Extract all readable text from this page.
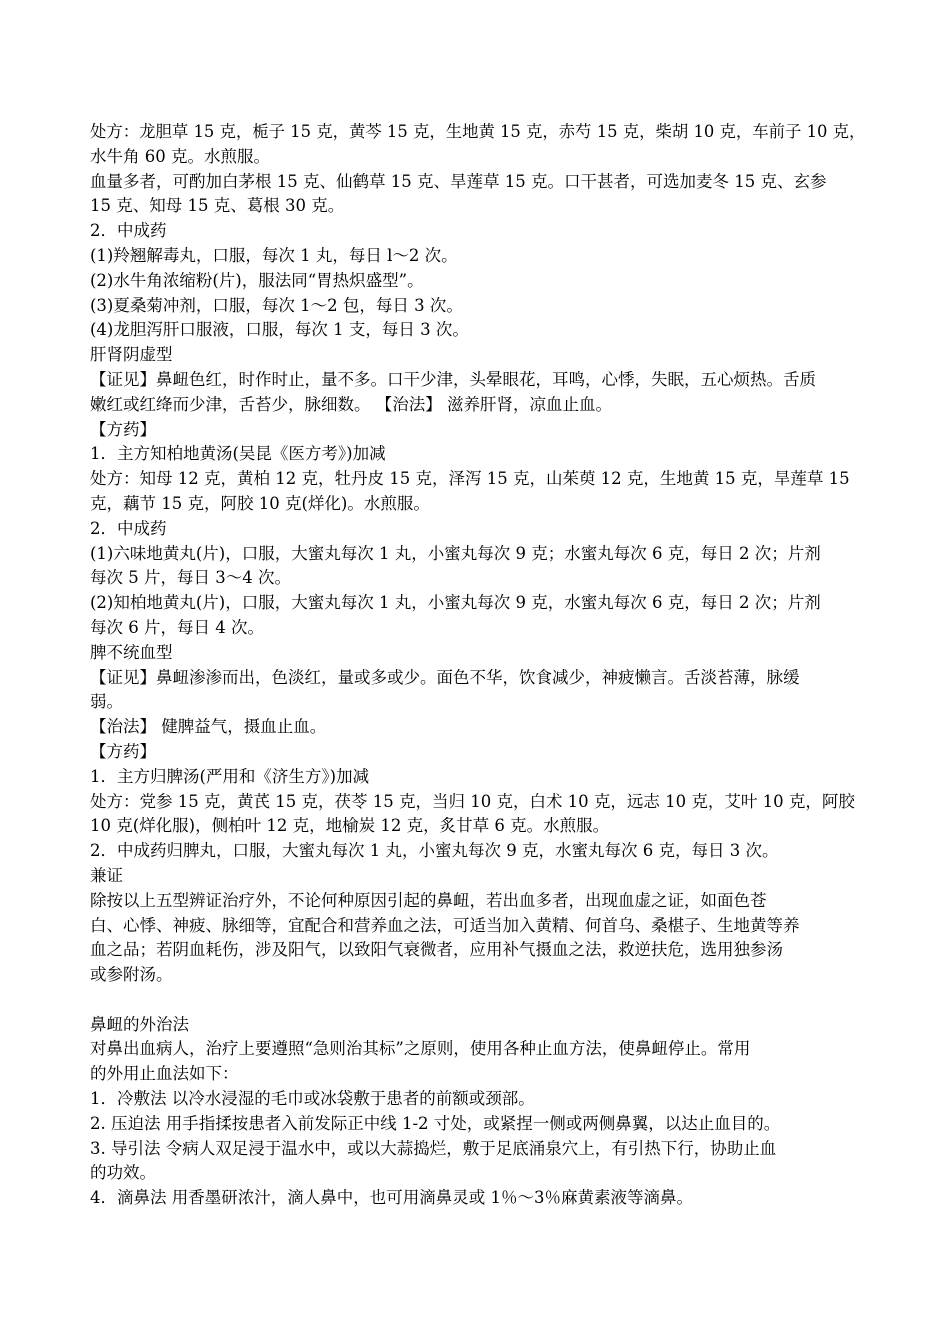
处方：龙胆草 15 克，栀子 15 克，黄芩 15 克，生地黄 15 克，赤芍 15 克，柴胡 10 克，车前子 10 克，
水牛角 60 克。水煎服。
血量多者，可酌加白茅根 15 克、仙鹤草 15 克、旱莲草 15 克。口干甚者，可选加麦冬 15 克、玄参
15 克、知母 15 克、葛根 30 克。
2．中成药
(1)羚翘解毒丸，口服，每次 1 丸，每日 l～2 次。
(2)水牛角浓缩粉(片)，服法同“胃热炽盛型”。
(3)夏桑菊冲剂，口服，每次 1～2 包，每日 3 次。
(4)龙胆泻肝口服液，口服，每次 1 支，每日 3 次。
肝肾阴虚型
【证见】鼻衄色红，时作时止，量不多。口干少津，头晕眼花，耳鸣，心悸，失眠，五心烦热。舌质
嫩红或红绛而少津，舌苔少，脉细数。 【治法】 滋养肝肾，凉血止血。
【方药】
1．主方知柏地黄汤(吴昆《医方考》)加减
处方：知母 12 克，黄柏 12 克，牡丹皮 15 克，泽泻 15 克，山茱萸 12 克，生地黄 15 克，旱莲草 15
克，藕节 15 克，阿胶 10 克(烊化)。水煎服。
2．中成药
(1)六味地黄丸(片)，口服，大蜜丸每次 1 丸，小蜜丸每次 9 克；水蜜丸每次 6 克，每日 2 次；片剂
每次 5 片，每日 3～4 次。
(2)知柏地黄丸(片)，口服，大蜜丸每次 1 丸，小蜜丸每次 9 克，水蜜丸每次 6 克，每日 2 次；片剂
每次 6 片，每日 4 次。
脾不统血型
【证见】鼻衄渗渗而出，色淡红，量或多或少。面色不华，饮食减少，神疲懒言。舌淡苔薄，脉缓
弱。
【治法】 健脾益气，摄血止血。
【方药】
1．主方归脾汤(严用和《济生方》)加减
处方：党参 15 克，黄芪 15 克，茯苓 15 克，当归 10 克，白术 10 克，远志 10 克，艾叶 10 克，阿胶
10 克(烊化服)，侧柏叶 12 克，地榆炭 12 克，炙甘草 6 克。水煎服。
2．中成药归脾丸，口服，大蜜丸每次 1 丸，小蜜丸每次 9 克，水蜜丸每次 6 克，每日 3 次。
兼证
除按以上五型辨证治疗外，不论何种原因引起的鼻衄，若出血多者，出现血虚之证，如面色苍
白、心悸、神疲、脉细等，宜配合和营养血之法，可适当加入黄精、何首乌、桑椹子、生地黄等养
血之品；若阴血耗伤，涉及阳气，以致阳气衰微者，应用补气摄血之法，救逆扶危，选用独参汤
或参附汤。
鼻衄的外治法
对鼻出血病人，治疗上要遵照“急则治其标”之原则，使用各种止血方法，使鼻衄停止。常用
的外用止血法如下：
1．冷敷法 以冷水浸湿的毛巾或冰袋敷于患者的前额或颈部。
2. 压迫法 用手指揉按患者入前发际正中线 1-2 寸处，或紧捏一侧或两侧鼻翼，以达止血目的。
3. 导引法 令病人双足浸于温水中，或以大蒜捣烂，敷于足底涌泉穴上，有引热下行，协助止血
的功效。
4．滴鼻法 用香墨研浓汁，滴人鼻中，也可用滴鼻灵或 1％～3％麻黄素液等滴鼻。
